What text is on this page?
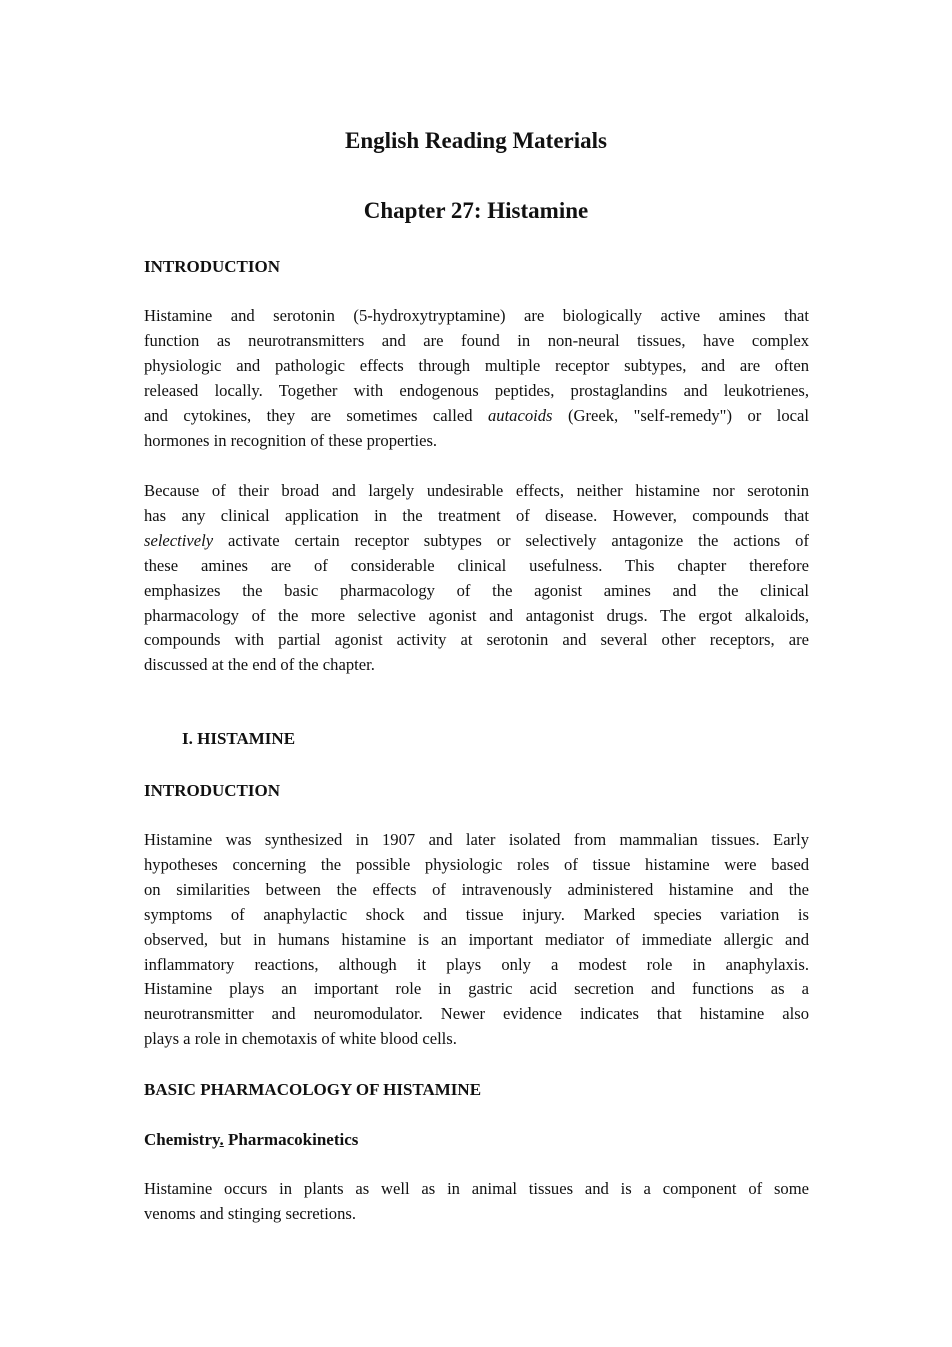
English Reading Materials
Chapter 27: Histamine
INTRODUCTION

Histamine and serotonin (5-hydroxytryptamine) are biologically active amines that
function as neurotransmitters and are found in non-neural tissues, have complex
physiologic and pathologic effects through multiple receptor subtypes, and are often
released locally. Together with endogenous peptides, prostaglandins and leukotrienes,
and cytokines, they are sometimes called autacoids (Greek, "self-remedy") or local
hormones in recognition of these properties.

Because of their broad and largely undesirable effects, neither histamine nor serotonin
has any clinical application in the treatment of disease. However, compounds that
selectively activate certain receptor subtypes or selectively antagonize the actions of
these amines are of considerable clinical usefulness. This chapter therefore
emphasizes the basic pharmacology of the agonist amines and the clinical
pharmacology of the more selective agonist and antagonist drugs. The ergot alkaloids,
compounds with partial agonist activity at serotonin and several other receptors, are
discussed at the end of the chapter.

I. HISTAMINE
INTRODUCTION

Histamine was synthesized in 1907 and later isolated from mammalian tissues. Early
hypotheses concerning the possible physiologic roles of tissue histamine were based
on similarities between the effects of intravenously administered histamine and the
symptoms of anaphylactic shock and tissue injury. Marked species variation is
observed, but in humans histamine is an important mediator of immediate allergic and
inflammatory reactions, although it plays only a modest role in anaphylaxis.
Histamine plays an important role in gastric acid secretion and functions as a
neurotransmitter and neuromodulator. Newer evidence indicates that histamine also
plays a role in chemotaxis of white blood cells.

BASIC PHARMACOLOGY OF HISTAMINE
Chemistry. Pharmacokinetics

Histamine occurs in plants as well as in animal tissues and is a component of some
venoms and stinging secretions.
